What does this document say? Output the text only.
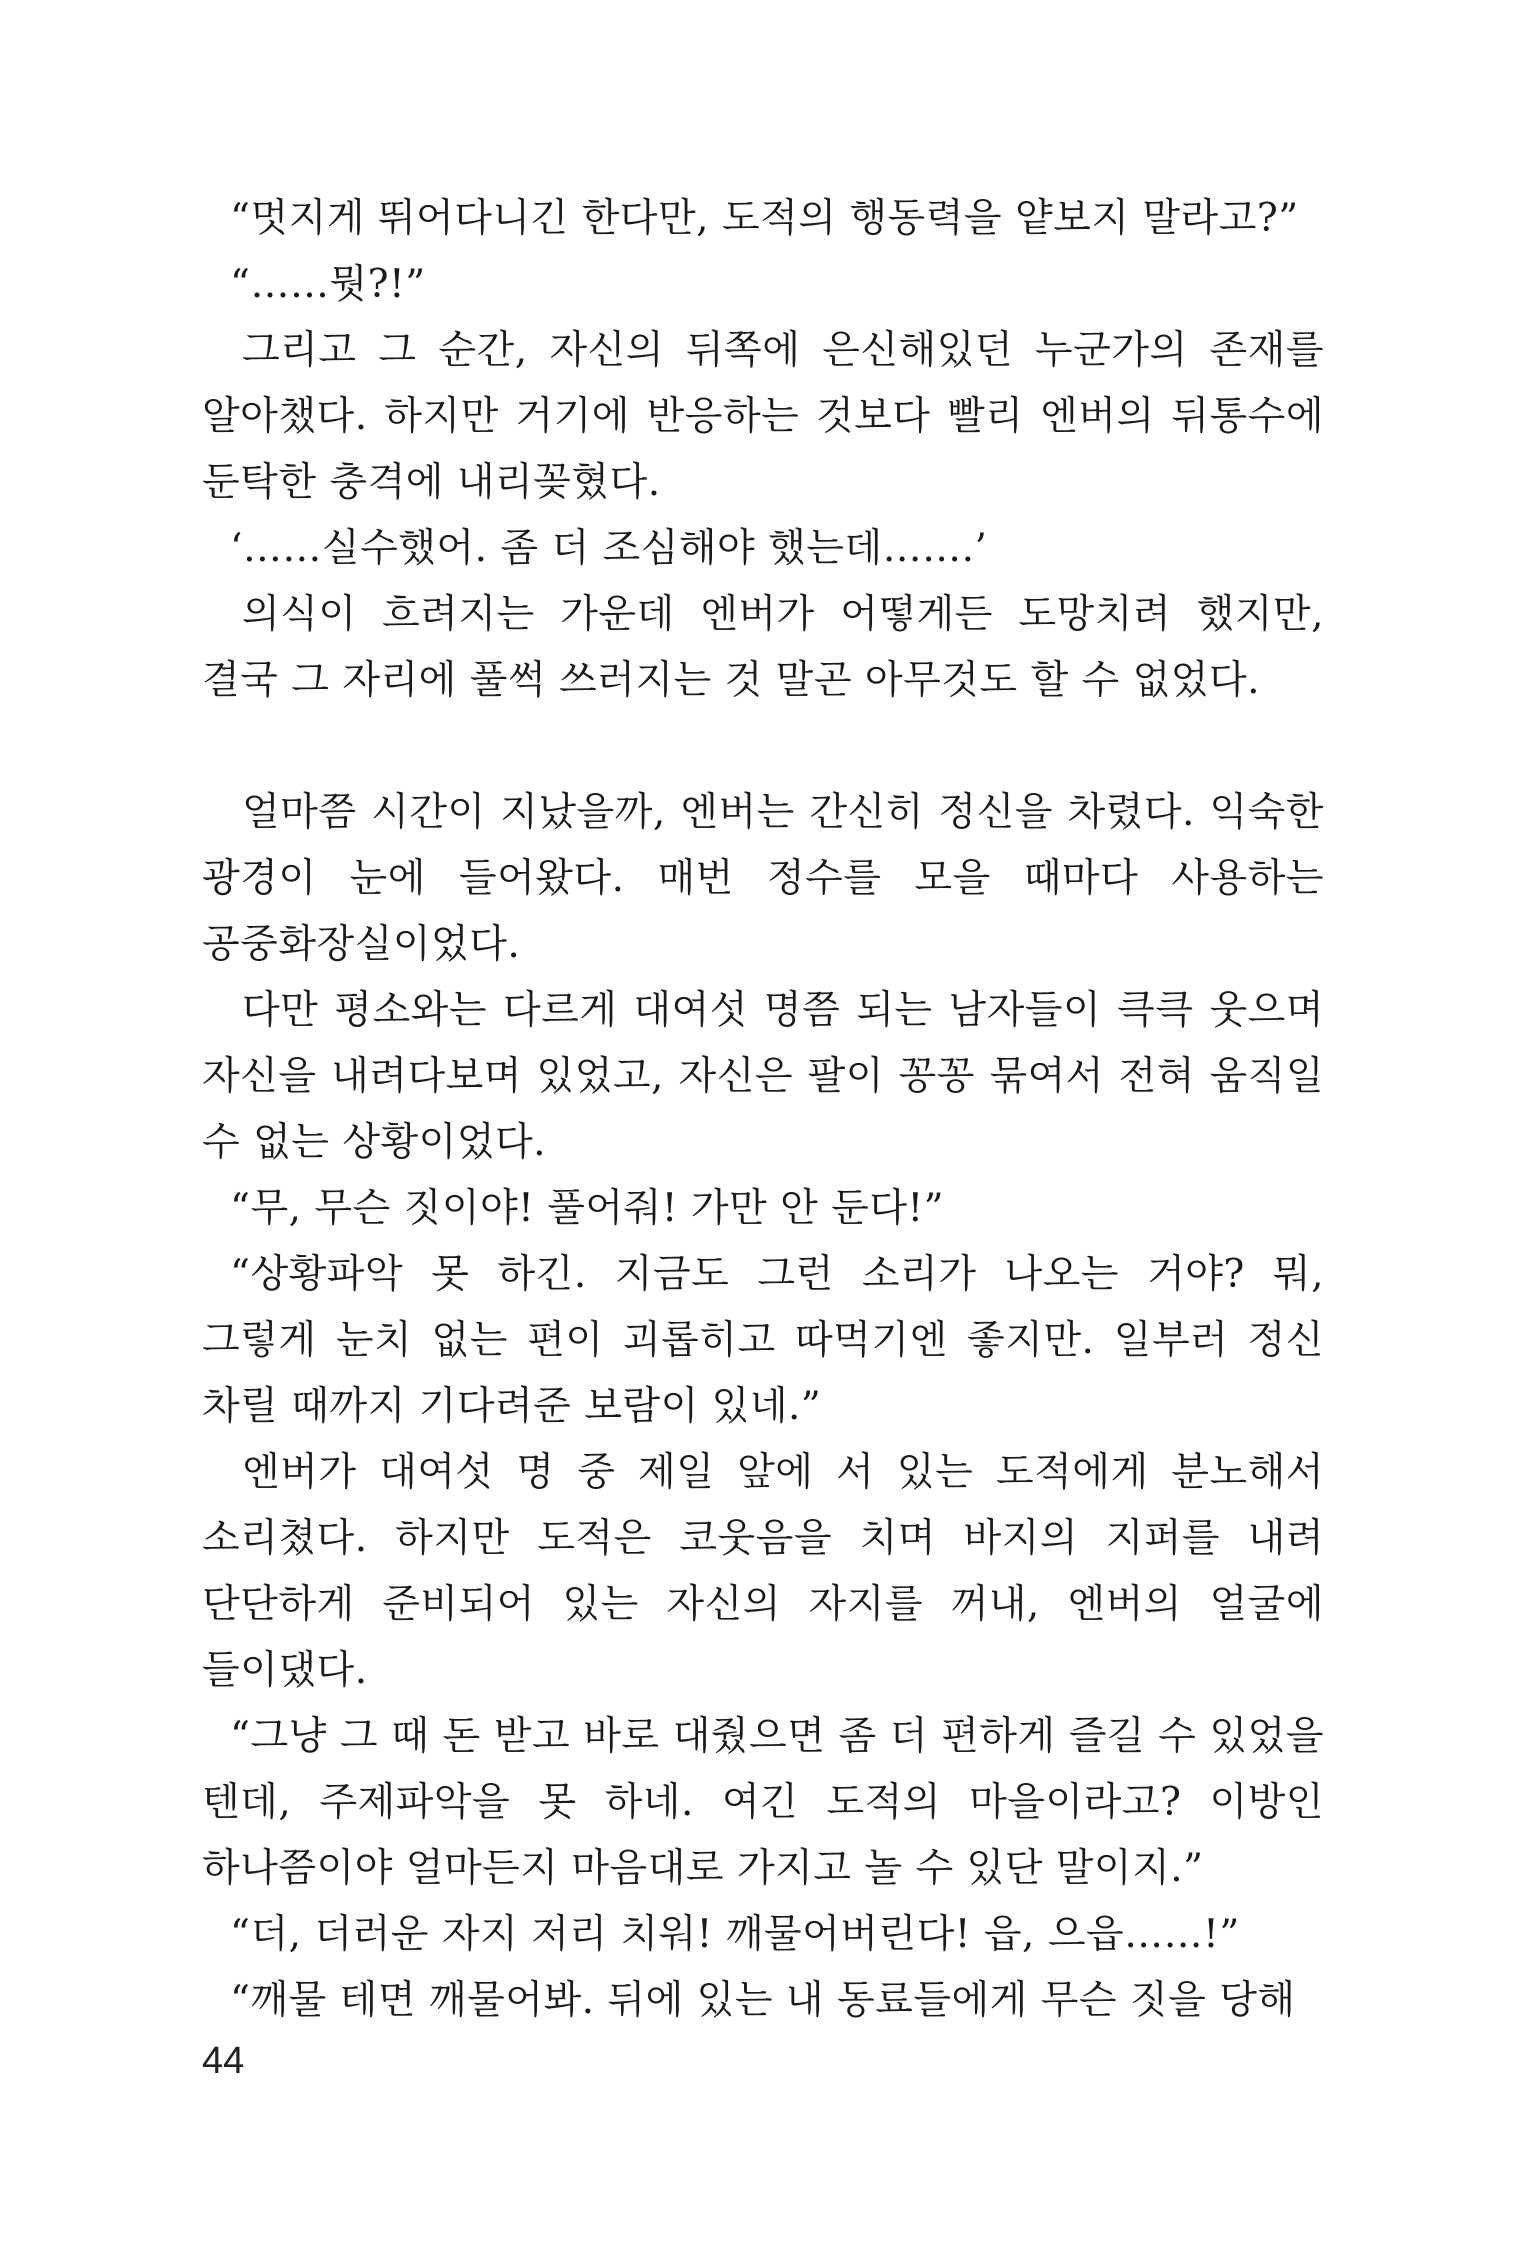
“멋지게 뛰어다니긴 한다만, 도적의 행동력을 얕보지 말라고?”

“……뭣?!”

그리고 그 순간, 자신의 뒤쪽에 은신해있던 누군가의 존재를 알아챘다. 하지만 거기에 반응하는 것보다 빨리 엔버의 뒤통수에 둔탁한 충격에 내리꽂혔다.

‘……실수했어. 좀 더 조심해야 했는데…….’

의식이 흐려지는 가운데 엔버가 어떻게든 도망치려 했지만, 결국 그 자리에 풀썩 쓰러지는 것 말곤 아무것도 할 수 없었다.

얼마쯤 시간이 지났을까, 엔버는 간신히 정신을 차렸다. 익숙한 광경이 눈에 들어왔다. 매번 정수를 모을 때마다 사용하는 공중화장실이었다.

다만 평소와는 다르게 대여섯 명쯤 되는 남자들이 큭큭 웃으며 자신을 내려다보며 있었고, 자신은 팔이 꽁꽁 묶여서 전혀 움직일 수 없는 상황이었다.

“무, 무슨 짓이야! 풀어줘! 가만 안 둔다!”

“상황파악 못 하긴. 지금도 그런 소리가 나오는 거야? 뭐, 그렇게 눈치 없는 편이 괴롭히고 따먹기엔 좋지만. 일부러 정신 차릴 때까지 기다려준 보람이 있네.”

엔버가 대여섯 명 중 제일 앞에 서 있는 도적에게 분노해서 소리쳤다. 하지만 도적은 코웃음을 치며 바지의 지퍼를 내려 단단하게 준비되어 있는 자신의 자지를 꺼내, 엔버의 얼굴에 들이댔다.

“그냥 그 때 돈 받고 바로 대줬으면 좀 더 편하게 즐길 수 있었을 텐데, 주제파악을 못 하네. 여긴 도적의 마을이라고? 이방인 하나쯤이야 얼마든지 마음대로 가지고 놀 수 있단 말이지.”

“더, 더러운 자지 저리 치워! 깨물어버린다! 읍, 으읍……!”

“깨물 테면 깨물어봐. 뒤에 있는 내 동료들에게 무슨 짓을 당해

44
